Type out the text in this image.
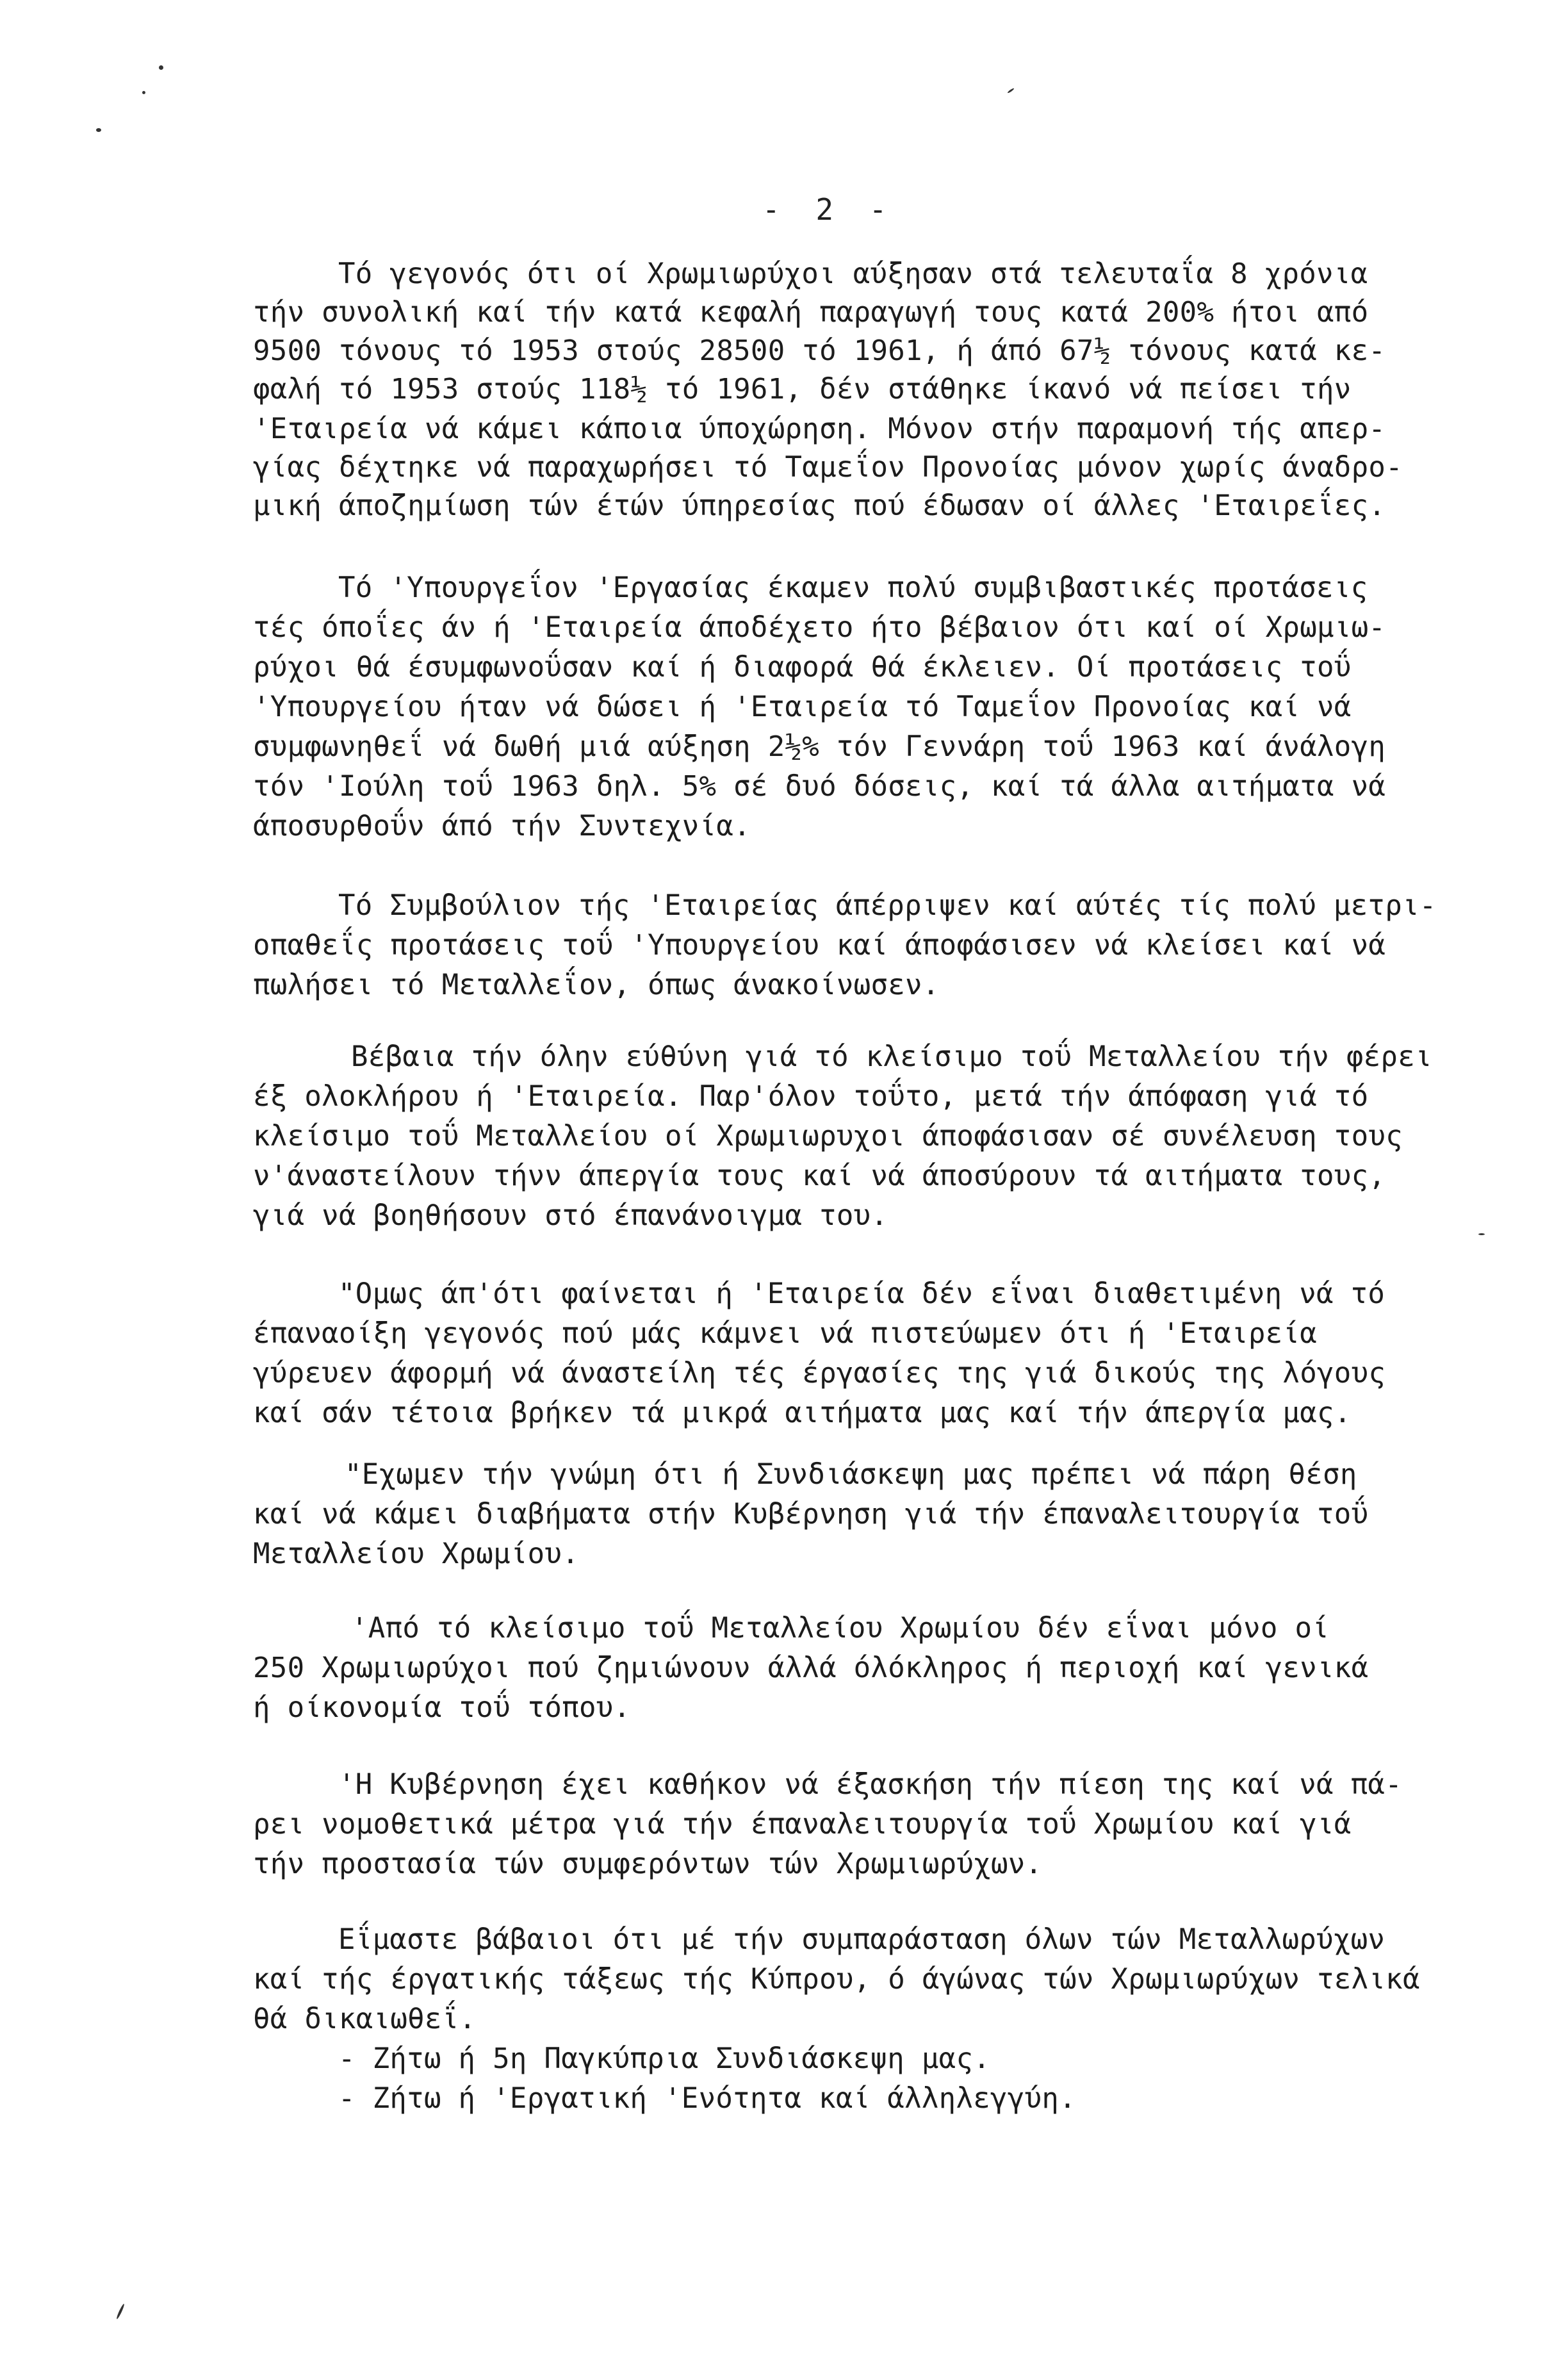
- 2 -
Τό γεγονός ότι οί Χρωμιωρύχοι αύξησαν στά τελευταΐα 8 χρόνια
τήν συνολική καί τήν κατά κεφαλή παραγωγή τους κατά 200% ήτοι από
9500 τόνους τό 1953 στούς 28500 τό 1961, ή άπό 67½ τόνους κατά κε-
φαλή τό 1953 στούς 118½ τό 1961, δέν στάθηκε ίκανό νά πείσει τήν
'Εταιρεία νά κάμει κάποια ύποχώρηση. Μόνον στήν παραμονή τής απερ-
γίας δέχτηκε νά παραχωρήσει τό Ταμεΐον Προνοίας μόνον χωρίς άναδρο-
μική άποζημίωση τών έτών ύπηρεσίας πού έδωσαν οί άλλες 'Εταιρεΐες.
Τό 'Υπουργεΐον 'Εργασίας έκαμεν πολύ συμβιβαστικές προτάσεις
τές όποΐες άν ή 'Εταιρεία άποδέχετο ήτο βέβαιον ότι καί οί Χρωμιω-
ρύχοι θά έσυμφωνοΰσαν καί ή διαφορά θά έκλειεν. Οί προτάσεις τοΰ
'Υπουργείου ήταν νά δώσει ή 'Εταιρεία τό Ταμεΐον Προνοίας καί νά
συμφωνηθεΐ νά δωθή μιά αύξηση 2½% τόν Γεννάρη τοΰ 1963 καί άνάλογη
τόν 'Ιούλη τοΰ 1963 δηλ. 5% σέ δυό δόσεις, καί τά άλλα αιτήματα νά
άποσυρθοΰν άπό τήν Συντεχνία.
Τό Συμβούλιον τής 'Εταιρείας άπέρριψεν καί αύτές τίς πολύ μετρι-
οπαθεΐς προτάσεις τοΰ 'Υπουργείου καί άποφάσισεν νά κλείσει καί νά
πωλήσει τό Μεταλλεΐον, όπως άνακοίνωσεν.
Βέβαια τήν όλην εύθύνη γιά τό κλείσιμο τοΰ Μεταλλείου τήν φέρει
έξ ολοκλήρου ή 'Εταιρεία. Παρ'όλον τοΰτο, μετά τήν άπόφαση γιά τό
κλείσιμο τοΰ Μεταλλείου οί Χρωμιωρυχοι άποφάσισαν σέ συνέλευση τους
ν'άναστείλουν τήνν άπεργία τους καί νά άποσύρουν τά αιτήματα τους,
γιά νά βοηθήσουν στό έπανάνοιγμα του.
"Ομως άπ'ότι φαίνεται ή 'Εταιρεία δέν εΐναι διαθετιμένη νά τό
έπαναοίξη γεγονός πού μάς κάμνει νά πιστεύωμεν ότι ή 'Εταιρεία
γύρευεν άφορμή νά άναστείλη τές έργασίες της γιά δικούς της λόγους
καί σάν τέτοια βρήκεν τά μικρά αιτήματα μας καί τήν άπεργία μας.
"Εχωμεν τήν γνώμη ότι ή Συνδιάσκεψη μας πρέπει νά πάρη θέση
καί νά κάμει διαβήματα στήν Κυβέρνηση γιά τήν έπαναλειτουργία τοΰ
Μεταλλείου Χρωμίου.
'Από τό κλείσιμο τοΰ Μεταλλείου Χρωμίου δέν εΐναι μόνο οί
250 Χρωμιωρύχοι πού ζημιώνουν άλλά όλόκληρος ή περιοχή καί γενικά
ή οίκονομία τοΰ τόπου.
'Η Κυβέρνηση έχει καθήκον νά έξασκήση τήν πίεση της καί νά πά-
ρει νομοθετικά μέτρα γιά τήν έπαναλειτουργία τοΰ Χρωμίου καί γιά
τήν προστασία τών συμφερόντων τών Χρωμιωρύχων.
Εΐμαστε βάβαιοι ότι μέ τήν συμπαράσταση όλων τών Μεταλλωρύχων
καί τής έργατικής τάξεως τής Κύπρου, ό άγώνας τών Χρωμιωρύχων τελικά
θά δικαιωθεΐ.
- Ζήτω ή 5η Παγκύπρια Συνδιάσκεψη μας.
- Ζήτω ή 'Εργατική 'Ενότητα καί άλληλεγγύη.
